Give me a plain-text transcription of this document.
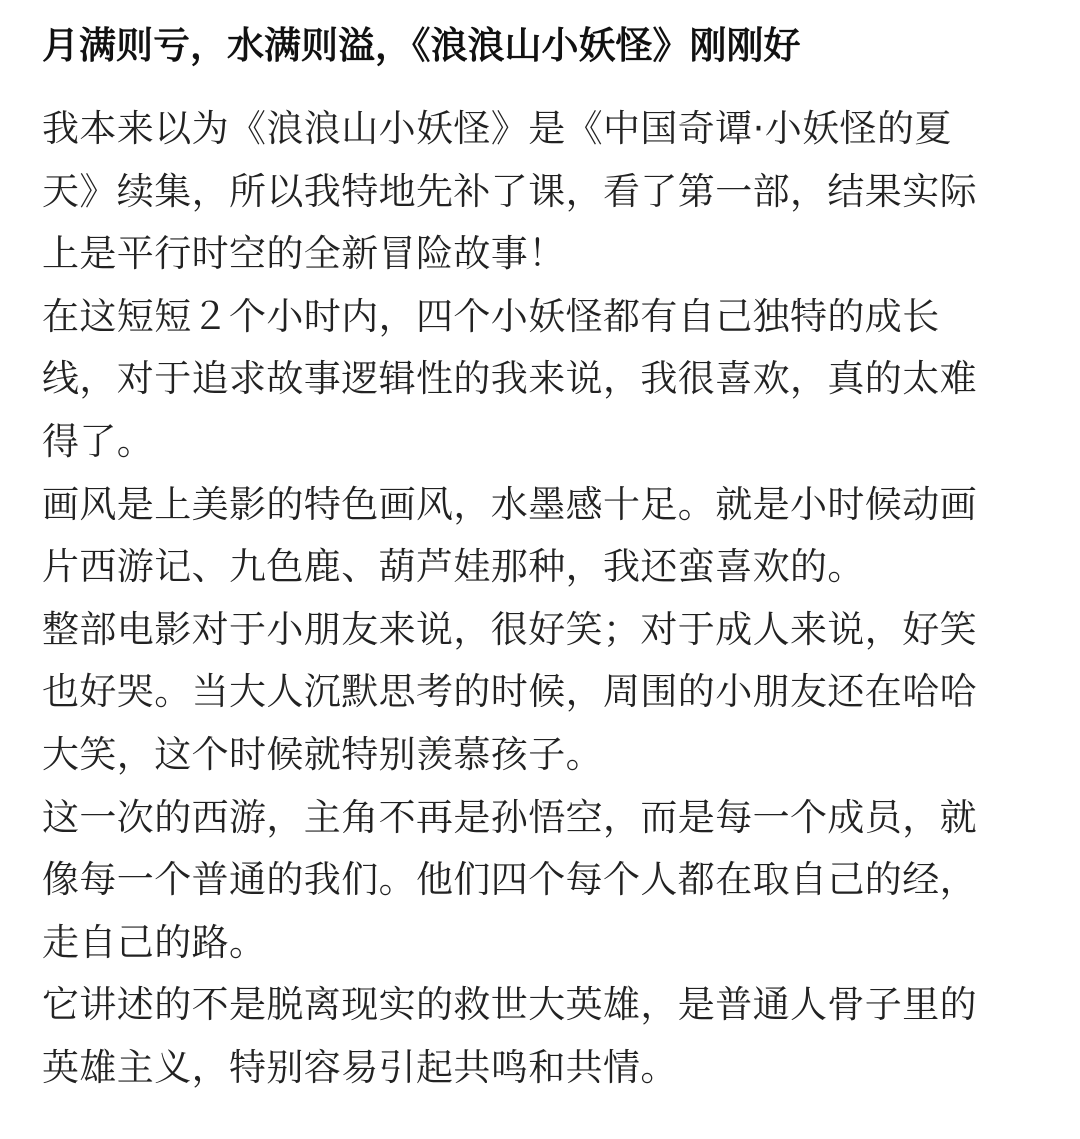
月满则亏，水满则溢，《浪浪山小妖怪》刚刚好

我本来以为《浪浪山小妖怪》是《中国奇谭·小妖怪的夏
天》续集，所以我特地先补了课，看了第一部，结果实际
上是平行时空的全新冒险故事！

在这短短２个小时内，四个小妖怪都有自己独特的成长
线，对于追求故事逻辑性的我来说，我很喜欢，真的太难
得了。

画风是上美影的特色画风，水墨感十足。就是小时候动画
片西游记、九色鹿、葫芦娃那种，我还蛮喜欢的。

整部电影对于小朋友来说，很好笑；对于成人来说，好笑
也好哭。当大人沉默思考的时候，周围的小朋友还在哈哈
大笑，这个时候就特别羡慕孩子。

这一次的西游，主角不再是孙悟空，而是每一个成员，就
像每一个普通的我们。他们四个每个人都在取自己的经，
走自己的路。

它讲述的不是脱离现实的救世大英雄，是普通人骨子里的
英雄主义，特别容易引起共鸣和共情。
